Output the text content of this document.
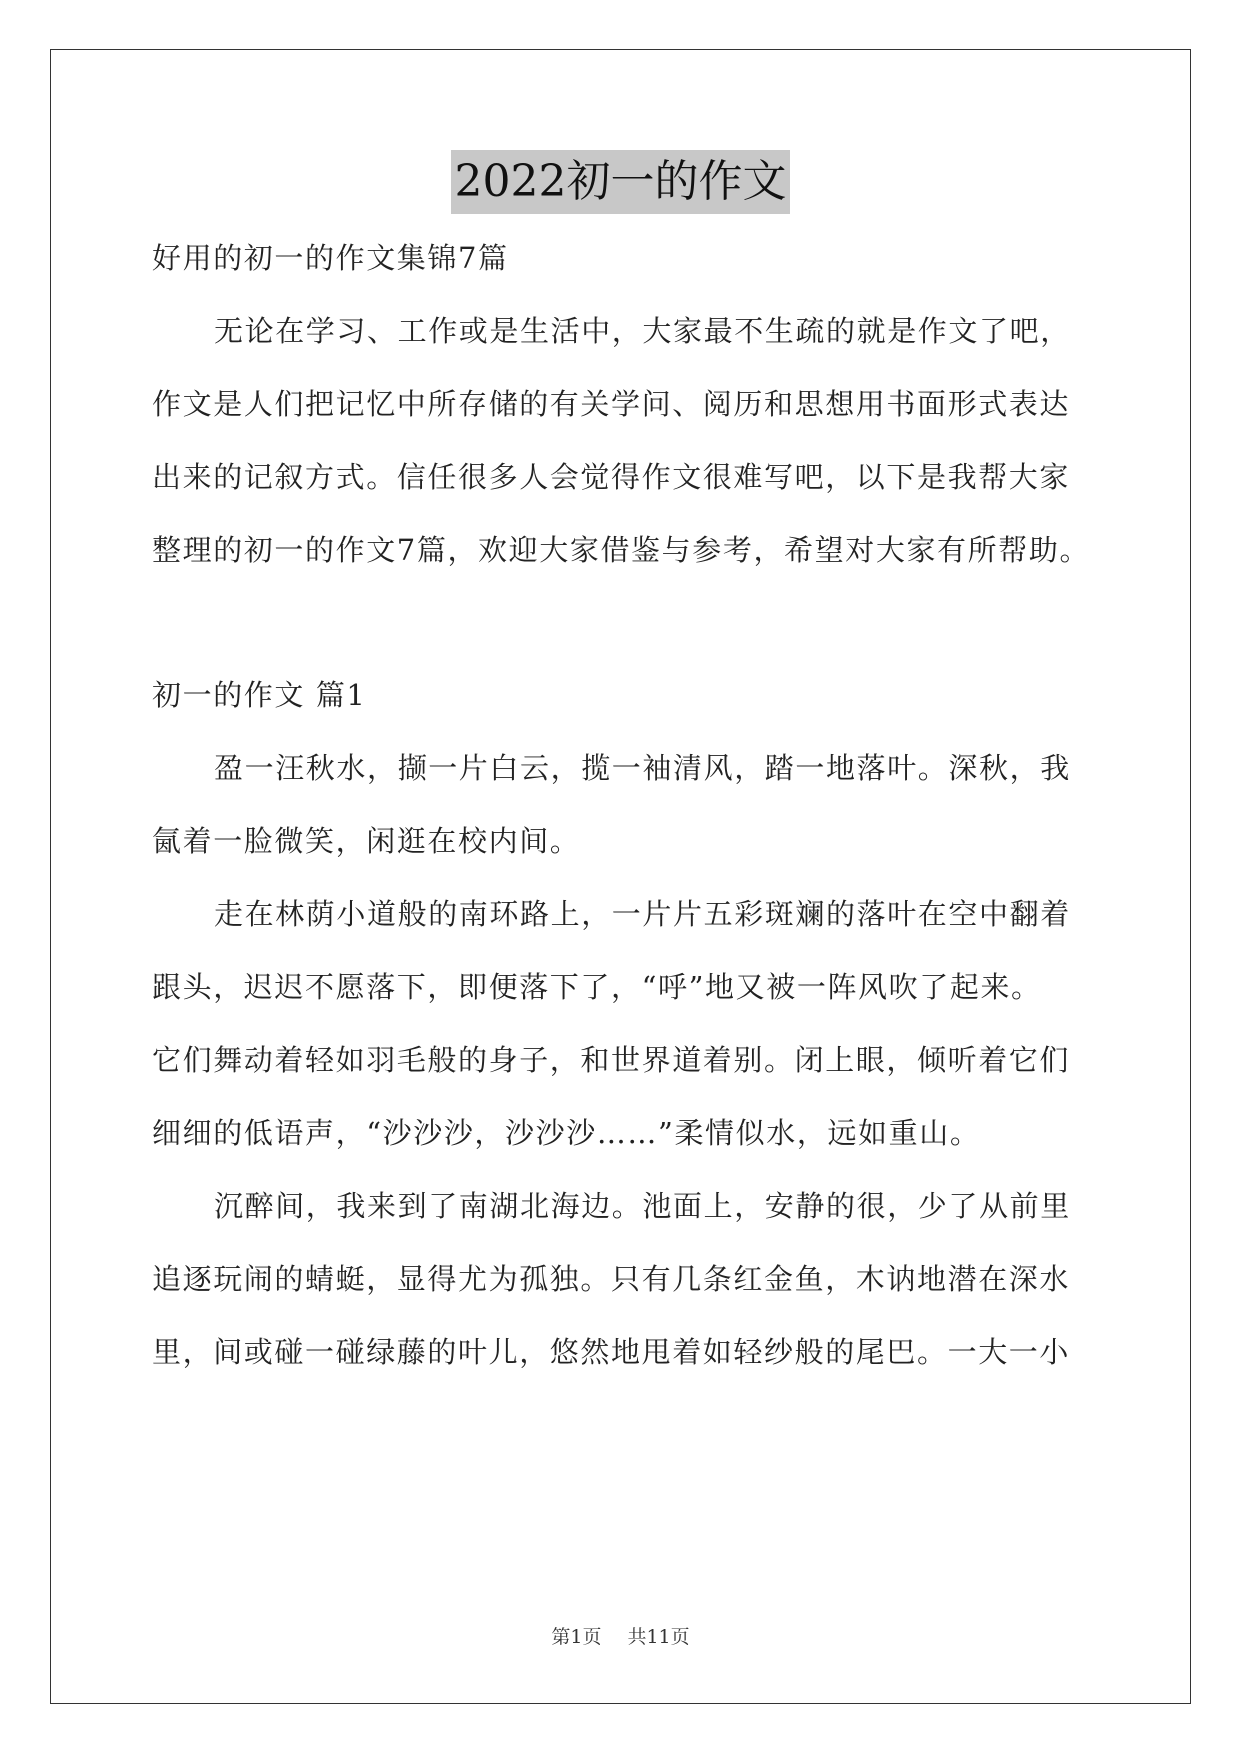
2022初一的作文
好用的初一的作文集锦7篇
无论在学习、工作或是生活中，大家最不生疏的就是作文了吧，
作文是人们把记忆中所存储的有关学问、阅历和思想用书面形式表达
出来的记叙方式。信任很多人会觉得作文很难写吧，以下是我帮大家
整理的初一的作文7篇，欢迎大家借鉴与参考，希望对大家有所帮助。
初一的作文 篇1
盈一汪秋水，撷一片白云，揽一袖清风，踏一地落叶。深秋，我
氤着一脸微笑，闲逛在校内间。
走在林荫小道般的南环路上，一片片五彩斑斓的落叶在空中翻着
跟头，迟迟不愿落下，即便落下了，“呼”地又被一阵风吹了起来。
它们舞动着轻如羽毛般的身子，和世界道着别。闭上眼，倾听着它们
细细的低语声，“沙沙沙，沙沙沙……”柔情似水，远如重山。
沉醉间，我来到了南湖北海边。池面上，安静的很，少了从前里
追逐玩闹的蜻蜓，显得尤为孤独。只有几条红金鱼，木讷地潜在深水
里，间或碰一碰绿藤的叶儿，悠然地甩着如轻纱般的尾巴。一大一小
第1页 共11页
